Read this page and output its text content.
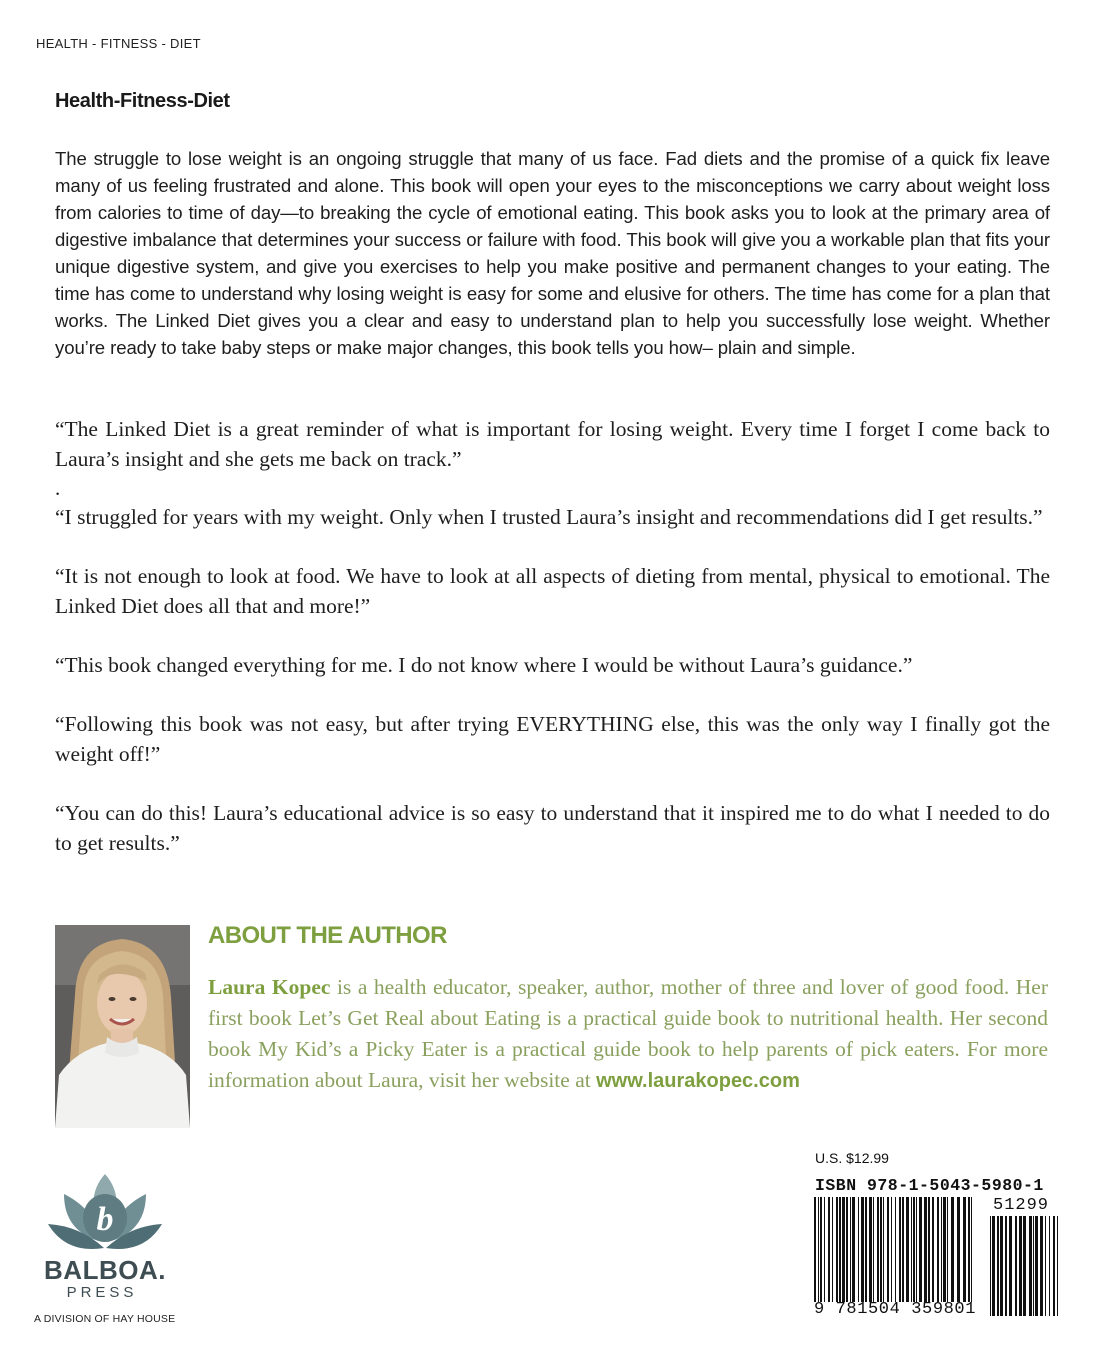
HEALTH - FITNESS - DIET
Health-Fitness-Diet

The struggle to lose weight is an ongoing struggle that many of us face. Fad diets and the promise of a quick fix leave many of us feeling frustrated and alone. This book will open your eyes to the misconceptions we carry about weight loss from calories to time of day—to breaking the cycle of emotional eating. This book asks you to look at the primary area of digestive imbalance that determines your success or failure with food. This book will give you a workable plan that fits your unique digestive system, and give you exercises to help you make positive and permanent changes to your eating. The time has come to understand why losing weight is easy for some and elusive for others. The time has come for a plan that works. The Linked Diet gives you a clear and easy to understand plan to help you successfully lose weight. Whether you’re ready to take baby steps or make major changes, this book tells you how– plain and simple.

“The Linked Diet is a great reminder of what is important for losing weight. Every time I forget I come back to Laura’s insight and she gets me back on track.”

.

“I struggled for years with my weight. Only when I trusted Laura’s insight and recommendations did I get results.”

“It is not enough to look at food. We have to look at all aspects of dieting from mental, physical to emotional. The Linked Diet does all that and more!”

“This book changed everything for me. I do not know where I would be without Laura’s guidance.”

“Following this book was not easy, but after trying EVERYTHING else, this was the only way I finally got the weight off!”

“You can do this! Laura’s educational advice is so easy to understand that it inspired me to do what I needed to do to get results.”

ABOUT THE AUTHOR

Laura Kopec is a health educator, speaker, author, mother of three and lover of good food. Her first book Let’s Get Real about Eating is a practical guide book to nutritional health. Her second book My Kid’s a Picky Eater is a practical guide book to help parents of pick eaters. For more information about Laura, visit her website at www.laurakopec.com

b
BALBOA.
PRESS
A DIVISION OF HAY HOUSE
U.S. $12.99
ISBN 978-1-5043-5980-1
51299
9 781504 359801
